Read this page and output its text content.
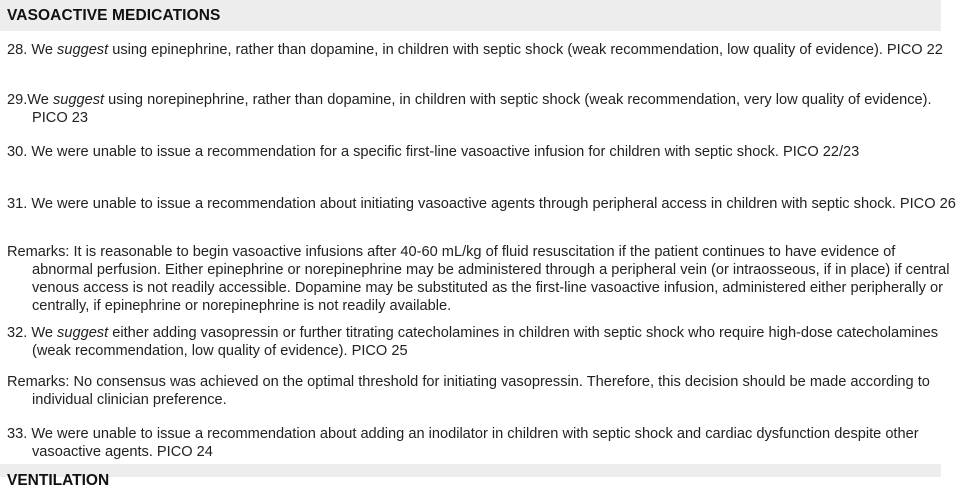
VASOACTIVE MEDICATIONS

28. We suggest using epinephrine, rather than dopamine, in children with septic shock (weak recommendation, low quality of evidence). PICO 22

29.We suggest using norepinephrine, rather than dopamine, in children with septic shock (weak recommendation, very low quality of evidence). PICO 23

30. We were unable to issue a recommendation for a specific first-line vasoactive infusion for children with septic shock. PICO 22/23

31. We were unable to issue a recommendation about initiating vasoactive agents through peripheral access in children with septic shock. PICO 26

Remarks: It is reasonable to begin vasoactive infusions after 40-60 mL/kg of fluid resuscitation if the patient continues to have evidence of abnormal perfusion. Either epinephrine or norepinephrine may be administered through a peripheral vein (or intraosseous, if in place) if central venous access is not readily accessible. Dopamine may be substituted as the first-line vasoactive infusion, administered either peripherally or centrally, if epinephrine or norepinephrine is not readily available.

32. We suggest either adding vasopressin or further titrating catecholamines in children with septic shock who require high-dose catecholamines (weak recommendation, low quality of evidence). PICO 25

Remarks: No consensus was achieved on the optimal threshold for initiating vasopressin. Therefore, this decision should be made according to individual clinician preference.

33. We were unable to issue a recommendation about adding an inodilator in children with septic shock and cardiac dysfunction despite other vasoactive agents. PICO 24

VENTILATION
